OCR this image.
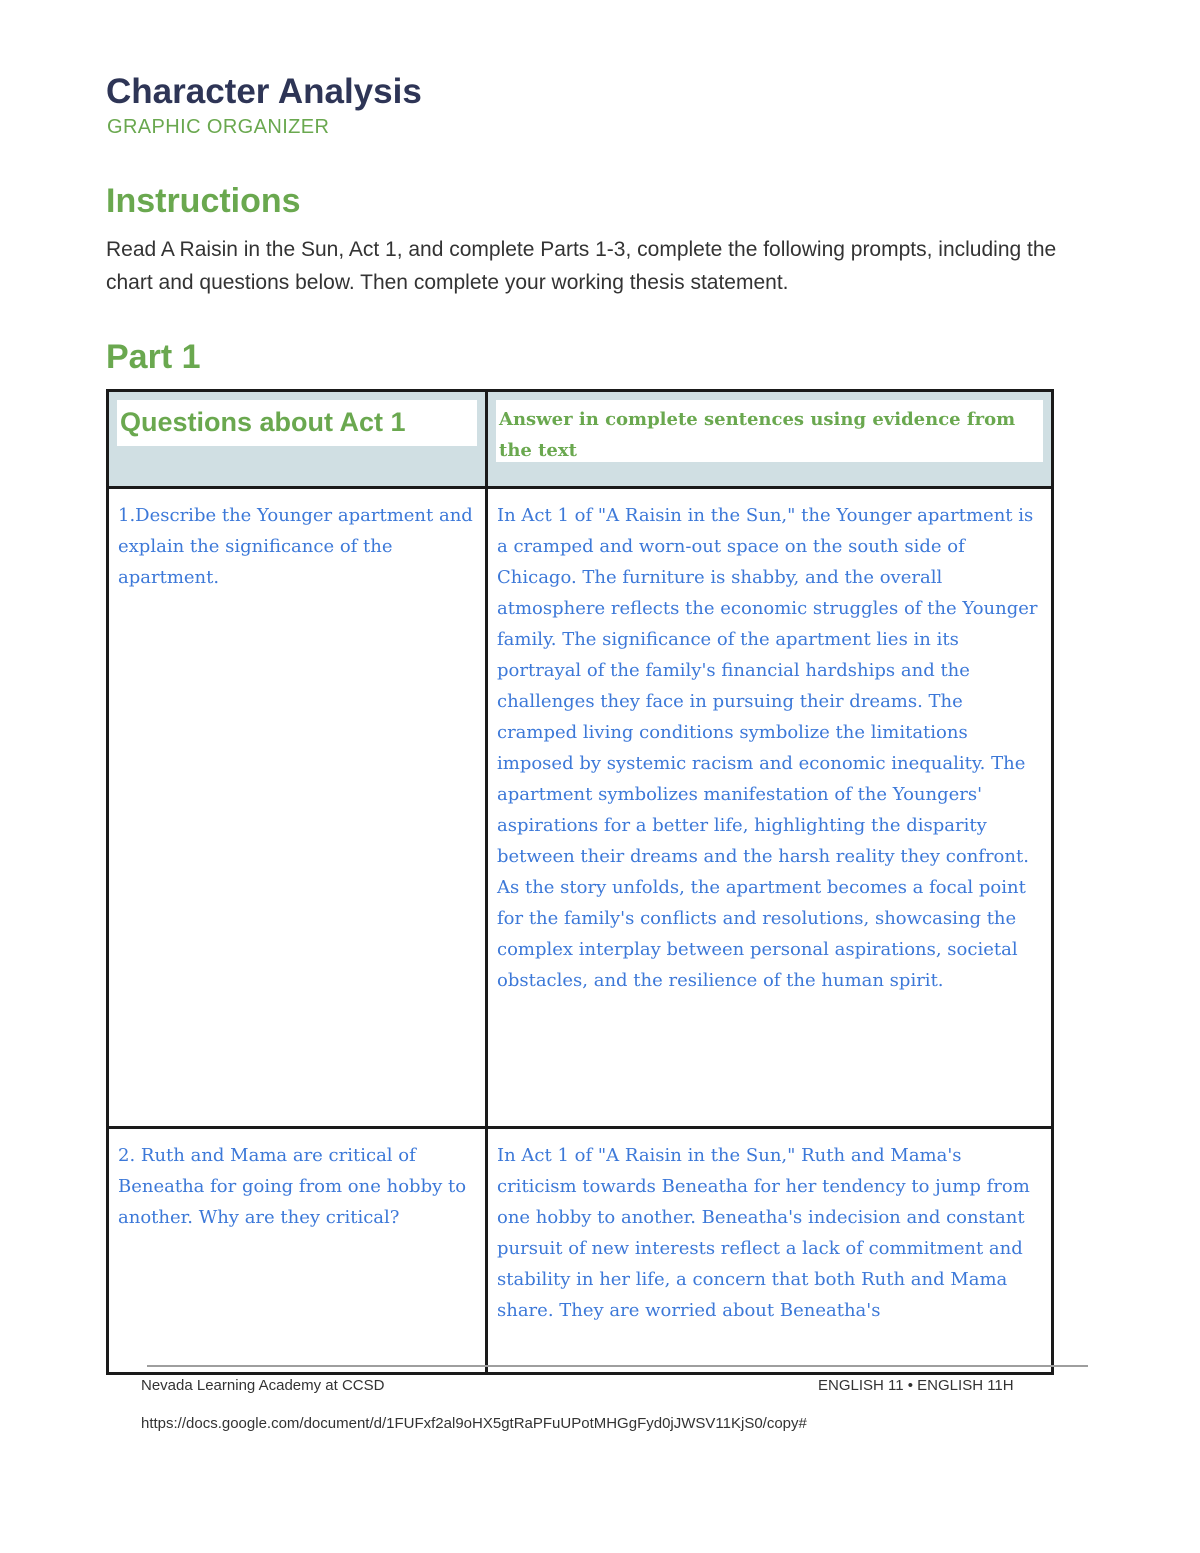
Character Analysis
GRAPHIC ORGANIZER
Instructions

Read A Raisin in the Sun, Act 1, and complete Parts 1-3, complete the following prompts, including the chart and questions below. Then complete your working thesis statement.

Part 1
Questions about Act 1	Answer in complete sentences using evidence from the text

1.Describe the Younger apartment and explain the significance of the apartment.	In Act 1 of "A Raisin in the Sun," the Younger apartment is a cramped and worn-out space on the south side of Chicago. The furniture is shabby, and the overall atmosphere reflects the economic struggles of the Younger family. The significance of the apartment lies in its portrayal of the family's financial hardships and the challenges they face in pursuing their dreams. The cramped living conditions symbolize the limitations imposed by systemic racism and economic inequality. The apartment symbolizes manifestation of the Youngers' aspirations for a better life, highlighting the disparity between their dreams and the harsh reality they confront. As the story unfolds, the apartment becomes a focal point for the family's conflicts and resolutions, showcasing the complex interplay between personal aspirations, societal obstacles, and the resilience of the human spirit.
2. Ruth and Mama are critical of Beneatha for going from one hobby to another. Why are they critical?	In Act 1 of "A Raisin in the Sun," Ruth and Mama's criticism towards Beneatha for her tendency to jump from one hobby to another. Beneatha's indecision and constant pursuit of new interests reflect a lack of commitment and stability in her life, a concern that both Ruth and Mama share. They are worried about Beneatha's
Nevada Learning Academy at CCSD	ENGLISH 11 • ENGLISH 11H
https://docs.google.com/document/d/1FUFxf2al9oHX5gtRaPFuUPotMHGgFyd0jJWSV11KjS0/copy#
